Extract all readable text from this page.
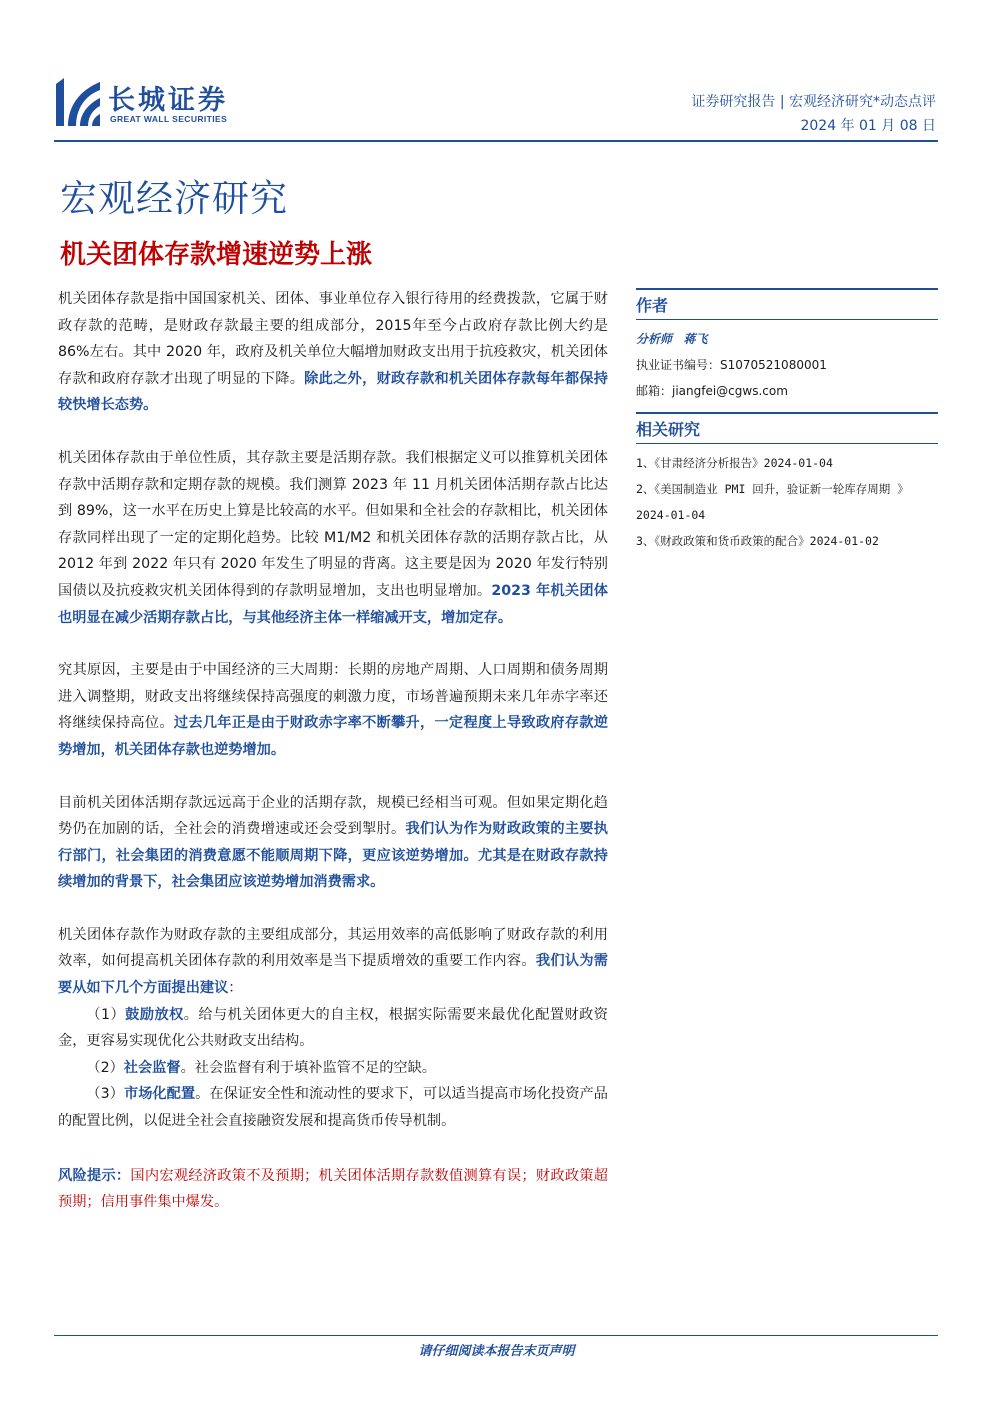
长城证券
GREAT WALL SECURITIES
证券研究报告 | 宏观经济研究*动态点评
2024 年 01 月 08 日
宏观经济研究
机关团体存款增速逆势上涨

机关团体存款是指中国国家机关、团体、事业单位存入银行待用的经费拨款，它属于财政存款的范畴，是财政存款最主要的组成部分，2015年至今占政府存款比例大约是 86%左右。其中 2020 年，政府及机关单位大幅增加财政支出用于抗疫救灾，机关团体存款和政府存款才出现了明显的下降。除此之外，财政存款和机关团体存款每年都保持较快增长态势。

机关团体存款由于单位性质，其存款主要是活期存款。我们根据定义可以推算机关团体存款中活期存款和定期存款的规模。我们测算 2023 年 11 月机关团体活期存款占比达到 89%，这一水平在历史上算是比较高的水平。但如果和全社会的存款相比，机关团体存款同样出现了一定的定期化趋势。比较 M1/M2 和机关团体存款的活期存款占比，从 2012 年到 2022 年只有 2020 年发生了明显的背离。这主要是因为 2020 年发行特别国债以及抗疫救灾机关团体得到的存款明显增加，支出也明显增加。2023 年机关团体也明显在减少活期存款占比，与其他经济主体一样缩减开支，增加定存。

究其原因，主要是由于中国经济的三大周期：长期的房地产周期、人口周期和债务周期进入调整期，财政支出将继续保持高强度的刺激力度，市场普遍预期未来几年赤字率还将继续保持高位。过去几年正是由于财政赤字率不断攀升，一定程度上导致政府存款逆势增加，机关团体存款也逆势增加。

目前机关团体活期存款远远高于企业的活期存款，规模已经相当可观。但如果定期化趋势仍在加剧的话，全社会的消费增速或还会受到掣肘。我们认为作为财政政策的主要执行部门，社会集团的消费意愿不能顺周期下降，更应该逆势增加。尤其是在财政存款持续增加的背景下，社会集团应该逆势增加消费需求。

机关团体存款作为财政存款的主要组成部分，其运用效率的高低影响了财政存款的利用效率，如何提高机关团体存款的利用效率是当下提质增效的重要工作内容。我们认为需要从如下几个方面提出建议：

（1）鼓励放权。给与机关团体更大的自主权，根据实际需要来最优化配置财政资金，更容易实现优化公共财政支出结构。

（2）社会监督。社会监督有利于填补监管不足的空缺。

（3）市场化配置。在保证安全性和流动性的要求下，可以适当提高市场化投资产品的配置比例，以促进全社会直接融资发展和提高货币传导机制。

风险提示：国内宏观经济政策不及预期；机关团体活期存款数值测算有误；财政政策超预期；信用事件集中爆发。

作者
分析师 蒋飞
执业证书编号：S1070521080001
邮箱：jiangfei@cgws.com
相关研究
1、《甘肃经济分析报告》2024-01-04
2、《美国制造业 PMI 回升，验证新一轮库存周期 》2024-01-04
3、《财政政策和货币政策的配合》2024-01-02
请仔细阅读本报告末页声明
